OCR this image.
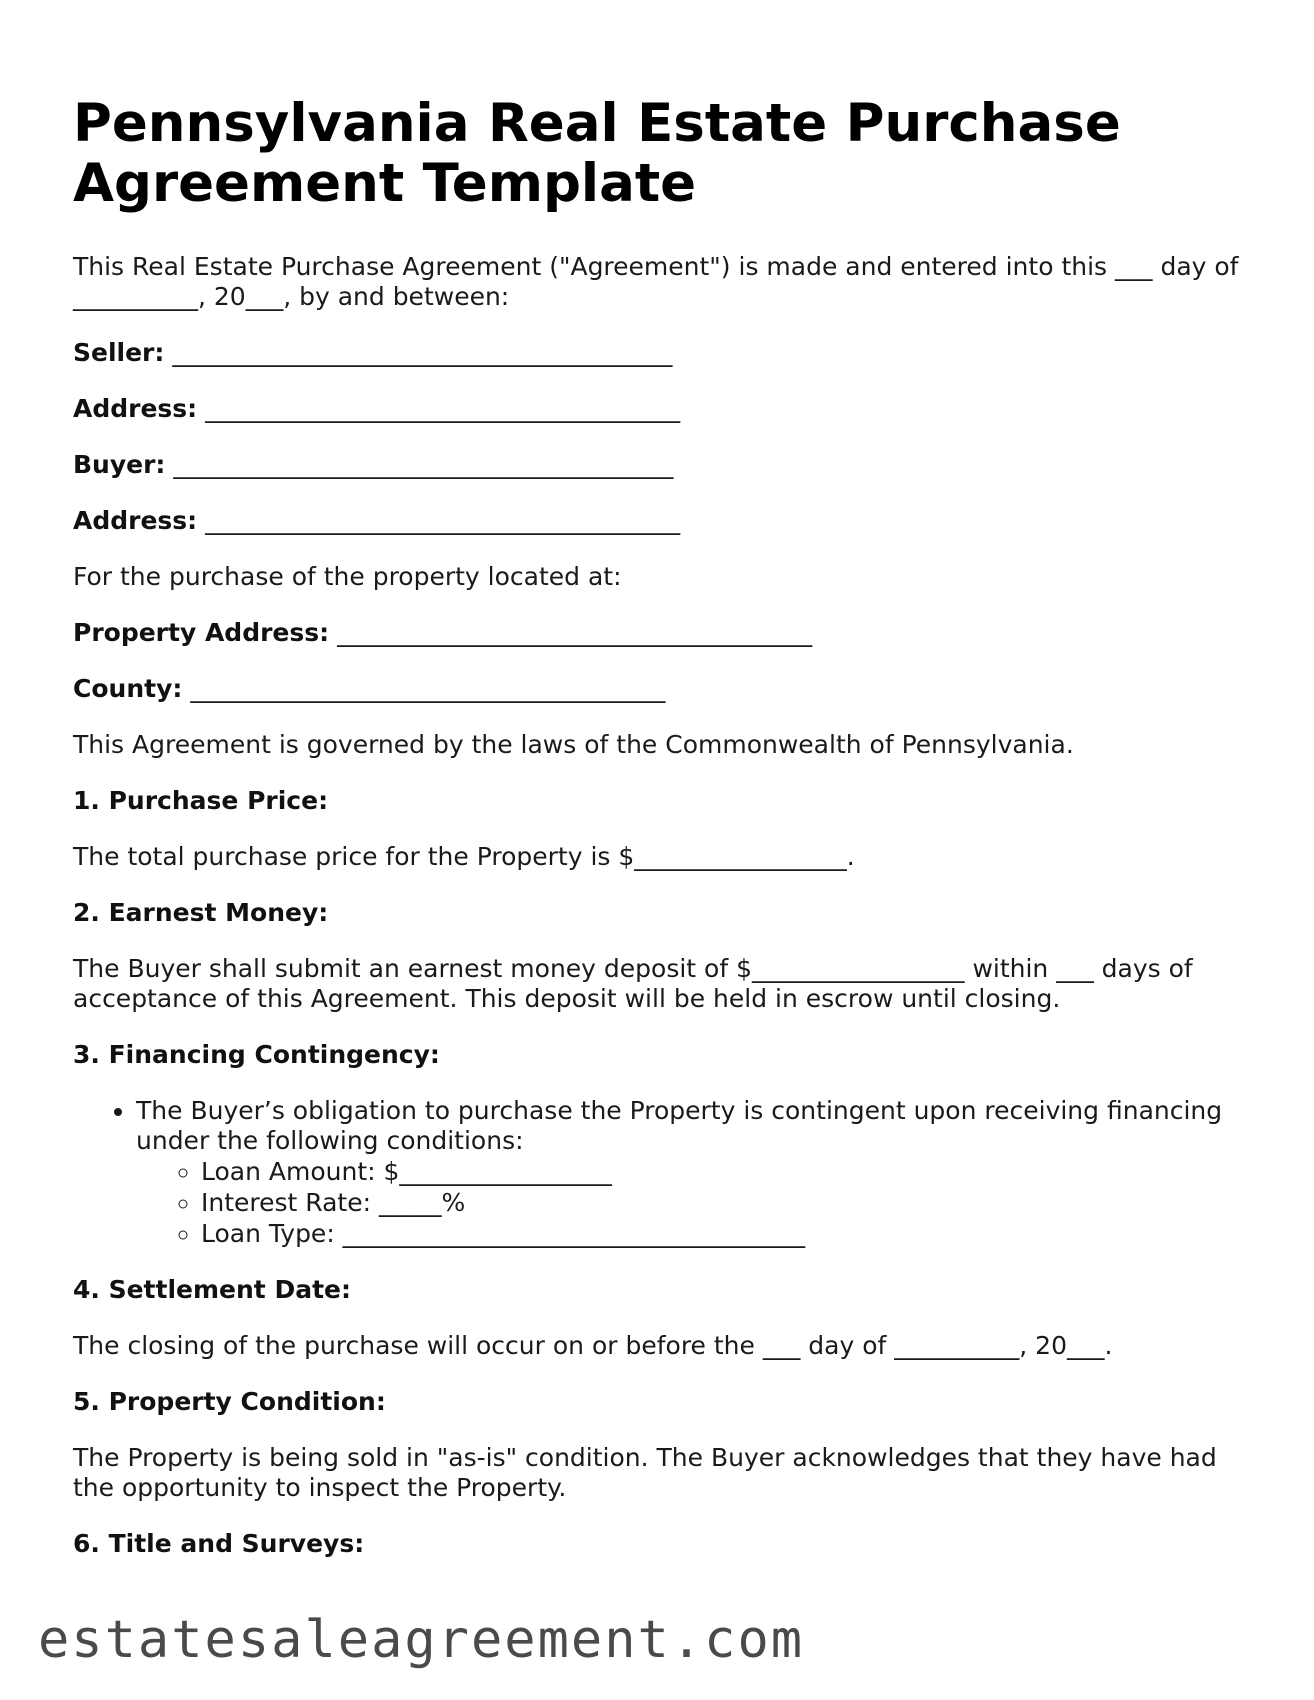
Pennsylvania Real Estate Purchase Agreement Template

This Real Estate Purchase Agreement ("Agreement") is made and entered into this ___ day of __________, 20___, by and between:

Seller: ________________________________________

Address: ______________________________________

Buyer: ________________________________________

Address: ______________________________________

For the purchase of the property located at:

Property Address: ______________________________________

County: ______________________________________

This Agreement is governed by the laws of the Commonwealth of Pennsylvania.

1. Purchase Price:

The total purchase price for the Property is $_________________.

2. Earnest Money:

The Buyer shall submit an earnest money deposit of $_________________ within ___ days of acceptance of this Agreement. This deposit will be held in escrow until closing.

3. Financing Contingency:
• The Buyer’s obligation to purchase the Property is contingent upon receiving financing under the following conditions:
◦ Loan Amount: $_________________
◦ Interest Rate: _____%
◦ Loan Type: _____________________________________
4. Settlement Date:

The closing of the purchase will occur on or before the ___ day of __________, 20___.

5. Property Condition:

The Property is being sold in "as-is" condition. The Buyer acknowledges that they have had the opportunity to inspect the Property.

6. Title and Surveys:
estatesaleagreement.com
